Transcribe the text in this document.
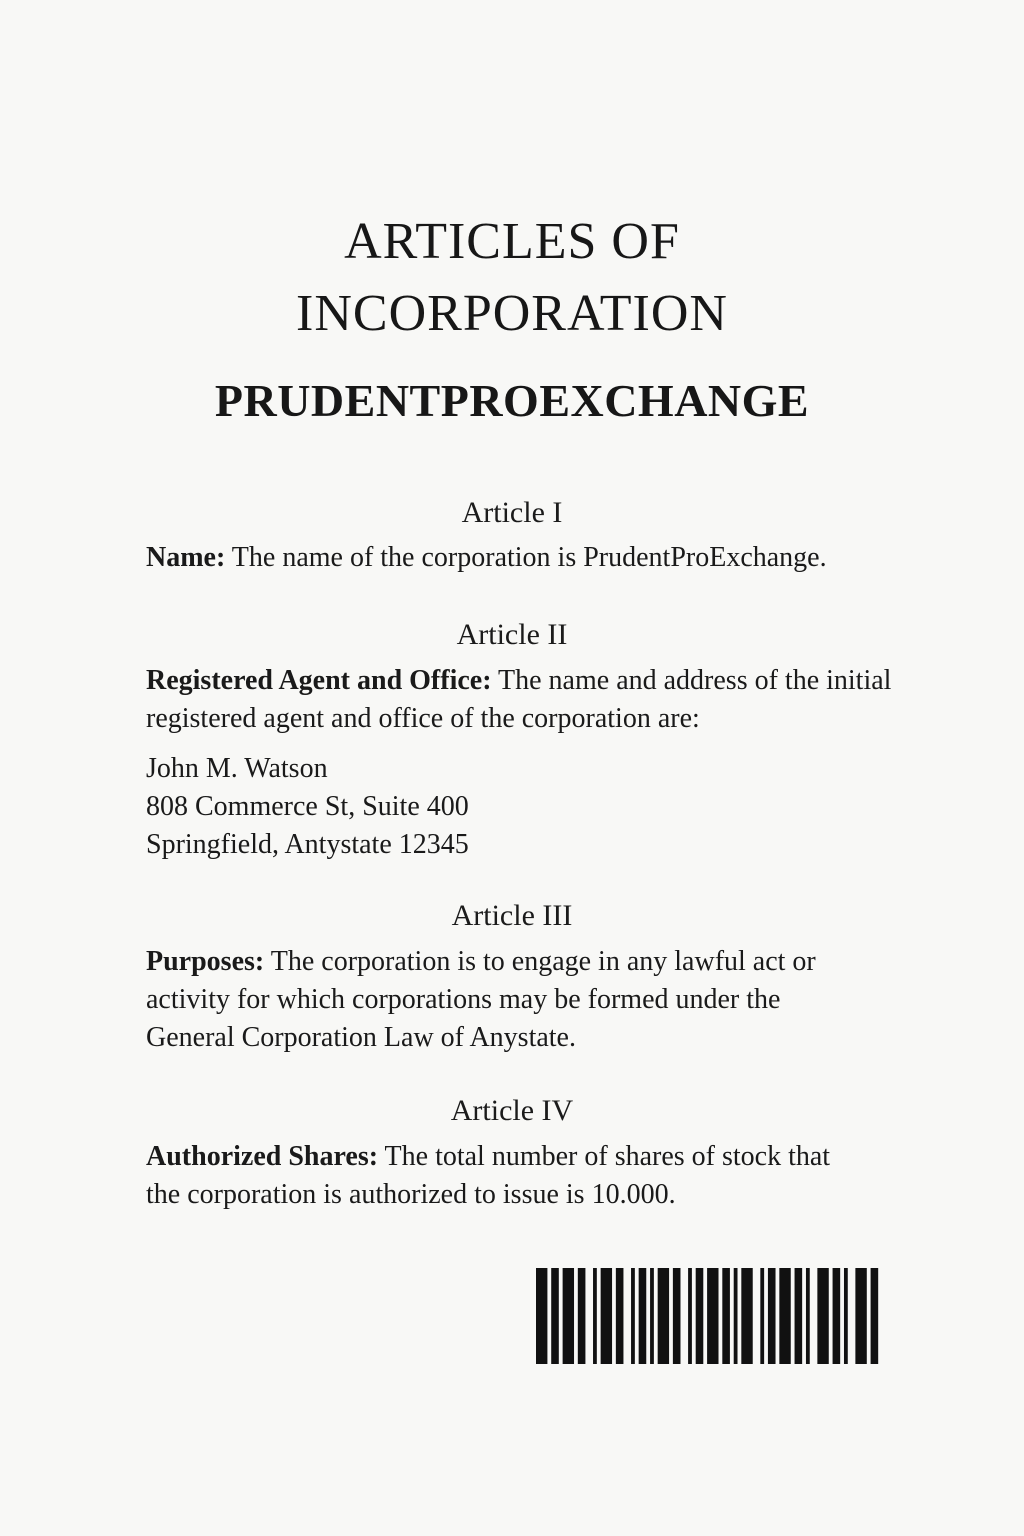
ARTICLES OF
INCORPORATION
PRUDENTPROEXCHANGE
Article I

Name: The name of the corporation is PrudentProExchange.

Article II

Registered Agent and Office: The name and address of the initial registered agent and office of the corporation are:

John M. Watson
808 Commerce St, Suite 400
Springfield, Antystate 12345

Article III

Purposes: The corporation is to engage in any lawful act or activity for which corporations may be formed under the General Corporation Law of Anystate.

Article IV

Authorized Shares: The total number of shares of stock that the corporation is authorized to issue is 10.000.
